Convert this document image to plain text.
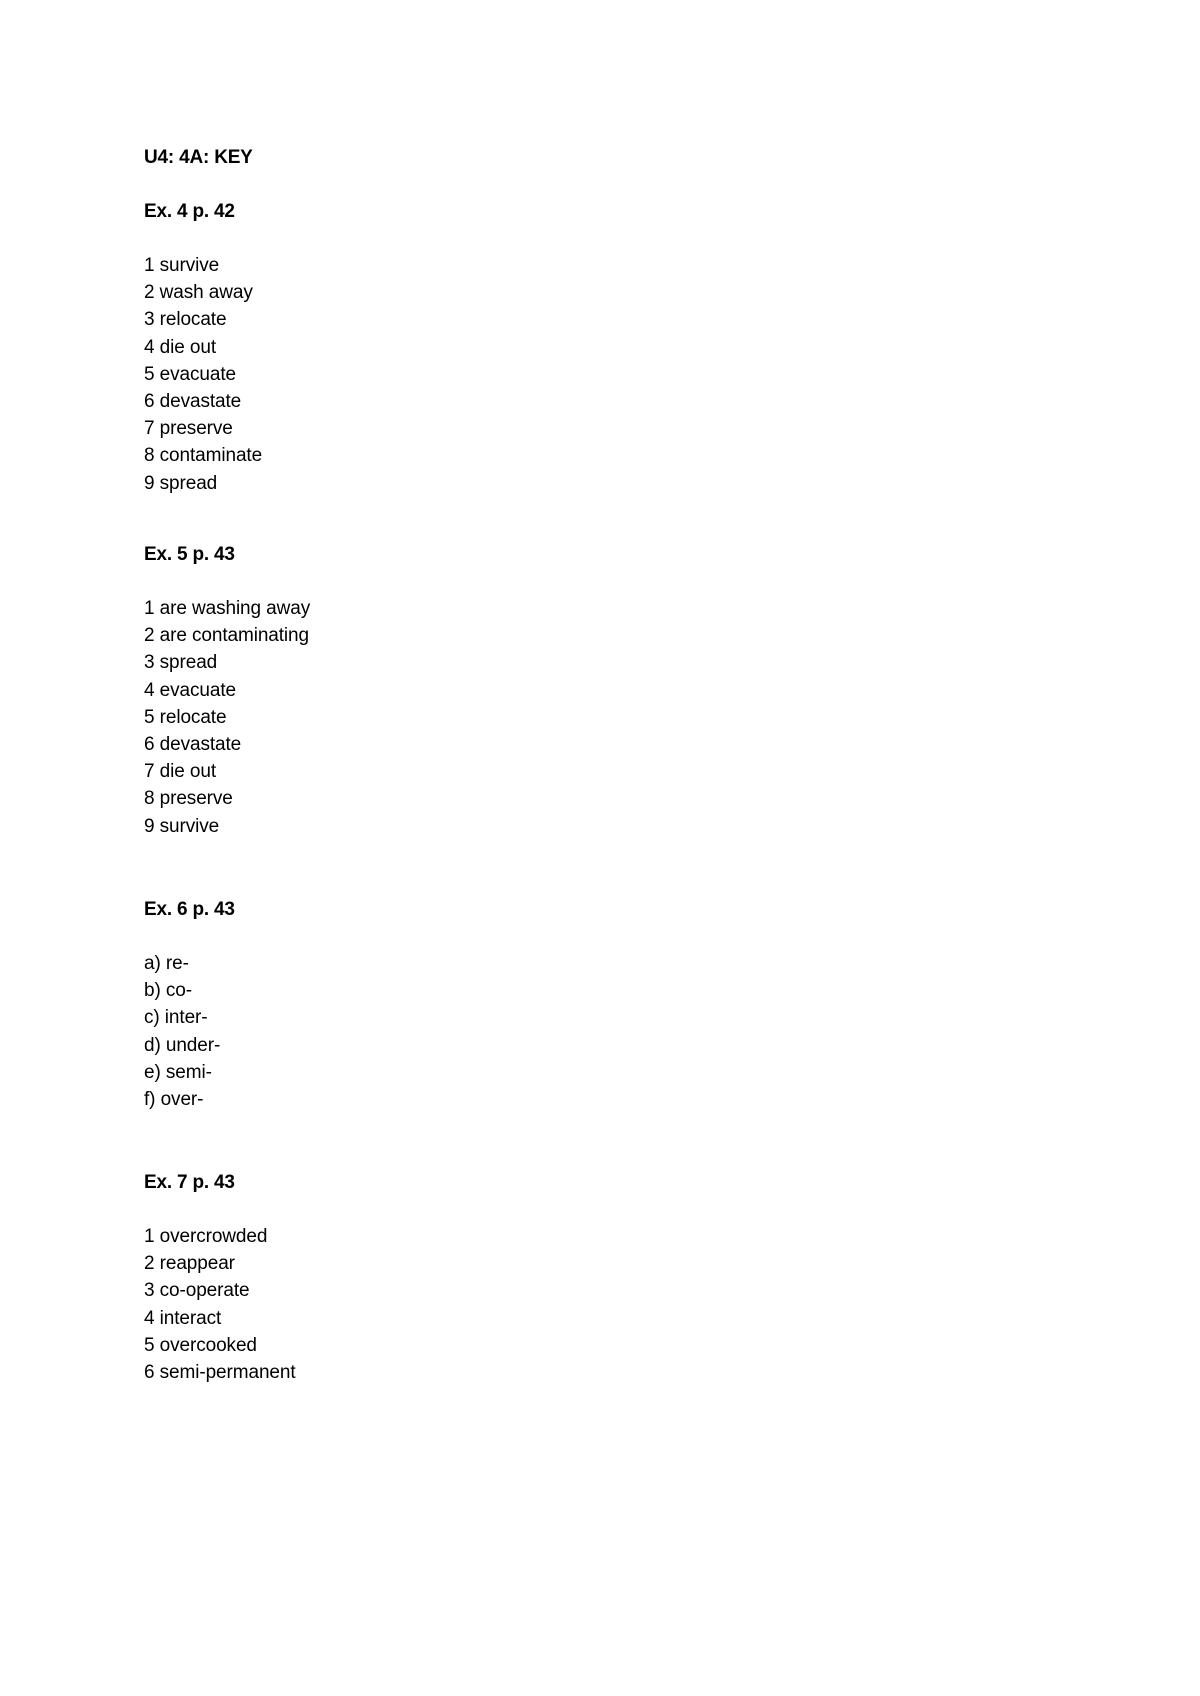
U4: 4A: KEY
Ex. 4 p. 42
1 survive
2 wash away
3 relocate
4 die out
5 evacuate
6 devastate
7 preserve
8 contaminate
9 spread
Ex. 5 p. 43
1 are washing away
2 are contaminating
3 spread
4 evacuate
5 relocate
6 devastate
7 die out
8 preserve
9 survive
Ex. 6 p. 43
a) re-
b) co-
c) inter-
d) under-
e) semi-
f) over-
Ex. 7 p. 43
1 overcrowded
2 reappear
3 co-operate
4 interact
5 overcooked
6 semi-permanent
